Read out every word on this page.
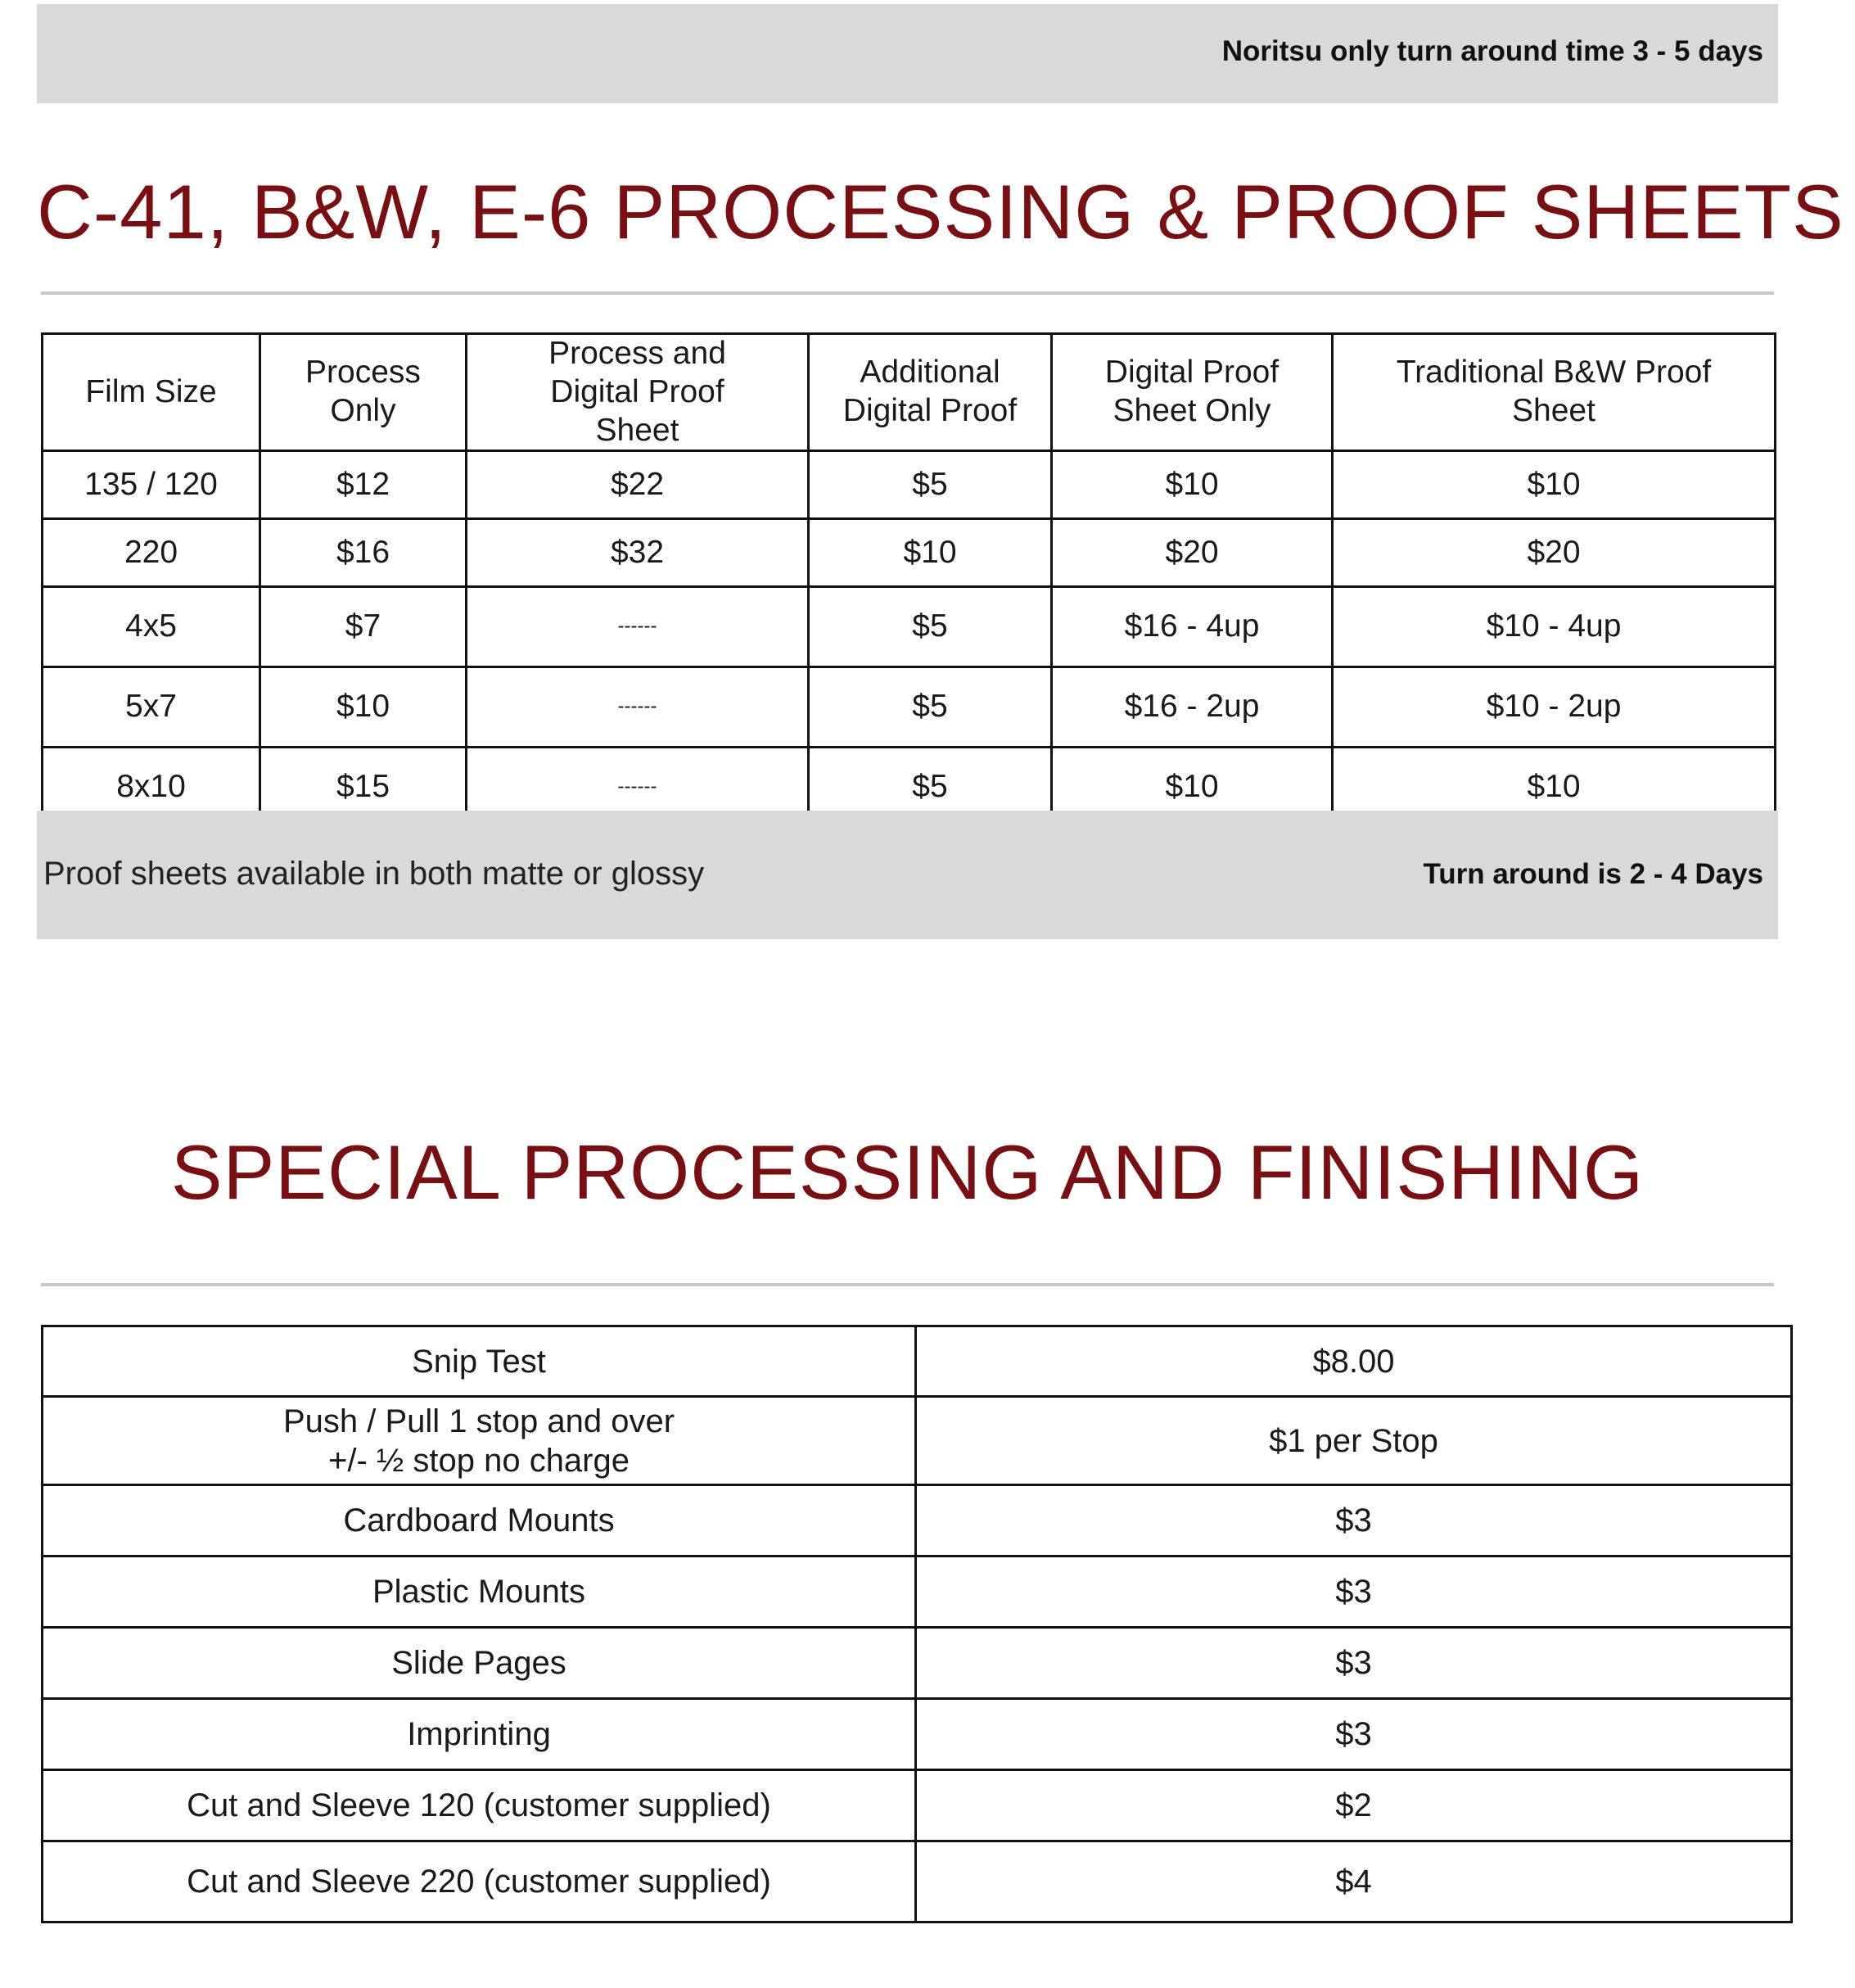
Noritsu only turn around time 3 - 5 days
C-41, B&W, E-6 PROCESSING & PROOF SHEETS
Film Size	Process Only	Process and Digital Proof Sheet	Additional Digital Proof	Digital Proof Sheet Only	Traditional B&W Proof Sheet
135 / 120	$12	$22	$5	$10	$10
220	$16	$32	$10	$20	$20
4x5	$7	------	$5	$16 - 4up	$10 - 4up
5x7	$10	------	$5	$16 - 2up	$10 - 2up
8x10	$15	------	$5	$10	$10
Proof sheets available in both matte or glossy	Turn around is 2 - 4 Days
SPECIAL PROCESSING AND FINISHING
Snip Test	$8.00

Push / Pull 1 stop and over
+/- ½ stop no charge	$1 per Stop
Cardboard Mounts	$3
Plastic Mounts	$3
Slide Pages	$3
Imprinting	$3
Cut and Sleeve 120 (customer supplied)	$2
Cut and Sleeve 220 (customer supplied)	$4
